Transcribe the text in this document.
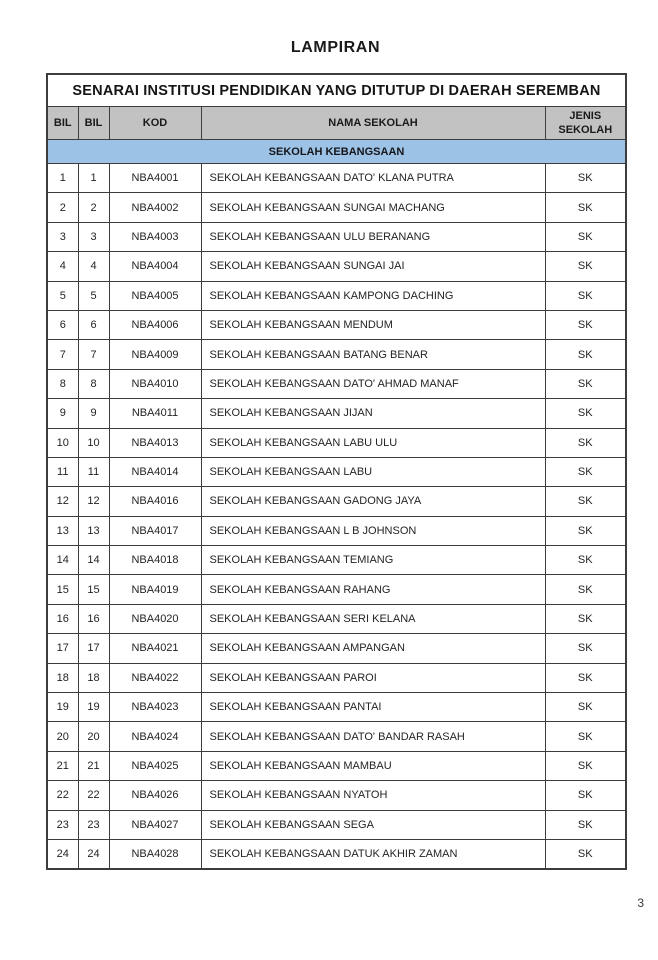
LAMPIRAN
SENARAI INSTITUSI PENDIDIKAN YANG DITUTUP DI DAERAH SEREMBAN				
BIL	BIL	KOD	NAMA SEKOLAH	JENIS SEKOLAH
SEKOLAH KEBANGSAAN				
1	1	NBA4001	SEKOLAH KEBANGSAAN DATO' KLANA PUTRA	SK
2	2	NBA4002	SEKOLAH KEBANGSAAN SUNGAI MACHANG	SK
3	3	NBA4003	SEKOLAH KEBANGSAAN ULU BERANANG	SK
4	4	NBA4004	SEKOLAH KEBANGSAAN SUNGAI JAI	SK
5	5	NBA4005	SEKOLAH KEBANGSAAN KAMPONG DACHING	SK
6	6	NBA4006	SEKOLAH KEBANGSAAN MENDUM	SK
7	7	NBA4009	SEKOLAH KEBANGSAAN BATANG BENAR	SK
8	8	NBA4010	SEKOLAH KEBANGSAAN DATO' AHMAD MANAF	SK
9	9	NBA4011	SEKOLAH KEBANGSAAN JIJAN	SK
10	10	NBA4013	SEKOLAH KEBANGSAAN LABU ULU	SK
11	11	NBA4014	SEKOLAH KEBANGSAAN LABU	SK
12	12	NBA4016	SEKOLAH KEBANGSAAN GADONG JAYA	SK
13	13	NBA4017	SEKOLAH KEBANGSAAN L B JOHNSON	SK
14	14	NBA4018	SEKOLAH KEBANGSAAN TEMIANG	SK
15	15	NBA4019	SEKOLAH KEBANGSAAN RAHANG	SK
16	16	NBA4020	SEKOLAH KEBANGSAAN SERI KELANA	SK
17	17	NBA4021	SEKOLAH KEBANGSAAN AMPANGAN	SK
18	18	NBA4022	SEKOLAH KEBANGSAAN PAROI	SK
19	19	NBA4023	SEKOLAH KEBANGSAAN PANTAI	SK
20	20	NBA4024	SEKOLAH KEBANGSAAN DATO' BANDAR RASAH	SK
21	21	NBA4025	SEKOLAH KEBANGSAAN MAMBAU	SK
22	22	NBA4026	SEKOLAH KEBANGSAAN NYATOH	SK
23	23	NBA4027	SEKOLAH KEBANGSAAN SEGA	SK
24	24	NBA4028	SEKOLAH KEBANGSAAN DATUK AKHIR ZAMAN	SK
3
